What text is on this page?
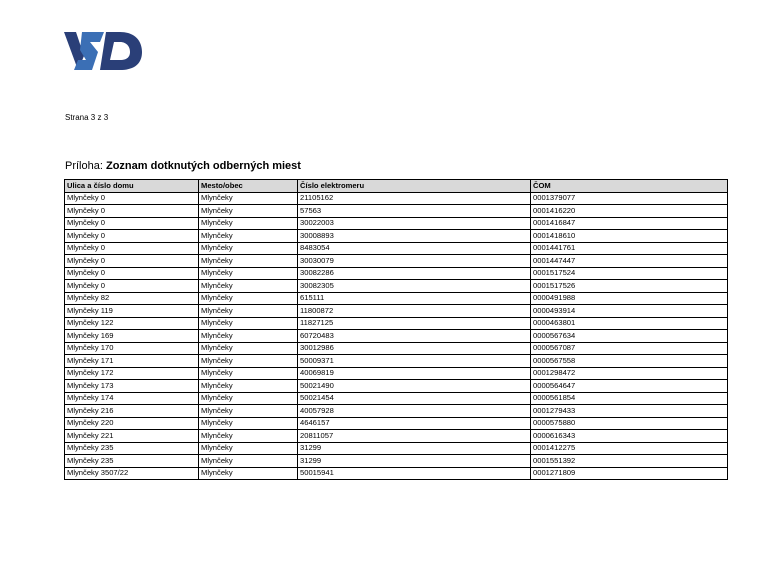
Strana 3 z 3
Príloha: Zoznam dotknutých odberných miest
Ulica a číslo domu	Mesto/obec	Číslo elektromeru	ČOM
Mlynčeky 0	Mlynčeky	21105162	0001379077
Mlynčeky 0	Mlynčeky	57563	0001416220
Mlynčeky 0	Mlynčeky	30022003	0001416847
Mlynčeky 0	Mlynčeky	30008893	0001418610
Mlynčeky 0	Mlynčeky	8483054	0001441761
Mlynčeky 0	Mlynčeky	30030079	0001447447
Mlynčeky 0	Mlynčeky	30082286	0001517524
Mlynčeky 0	Mlynčeky	30082305	0001517526
Mlynčeky 82	Mlynčeky	615111	0000491988
Mlynčeky 119	Mlynčeky	11800872	0000493914
Mlynčeky 122	Mlynčeky	11827125	0000463801
Mlynčeky 169	Mlynčeky	60720483	0000567634
Mlynčeky 170	Mlynčeky	30012986	0000567087
Mlynčeky 171	Mlynčeky	50009371	0000567558
Mlynčeky 172	Mlynčeky	40069819	0001298472
Mlynčeky 173	Mlynčeky	50021490	0000564647
Mlynčeky 174	Mlynčeky	50021454	0000561854
Mlynčeky 216	Mlynčeky	40057928	0001279433
Mlynčeky 220	Mlynčeky	4646157	0000575880
Mlynčeky 221	Mlynčeky	20811057	0000616343
Mlynčeky 235	Mlynčeky	31299	0001412275
Mlynčeky 235	Mlynčeky	31299	0001551392
Mlynčeky 3507/22	Mlynčeky	50015941	0001271809
